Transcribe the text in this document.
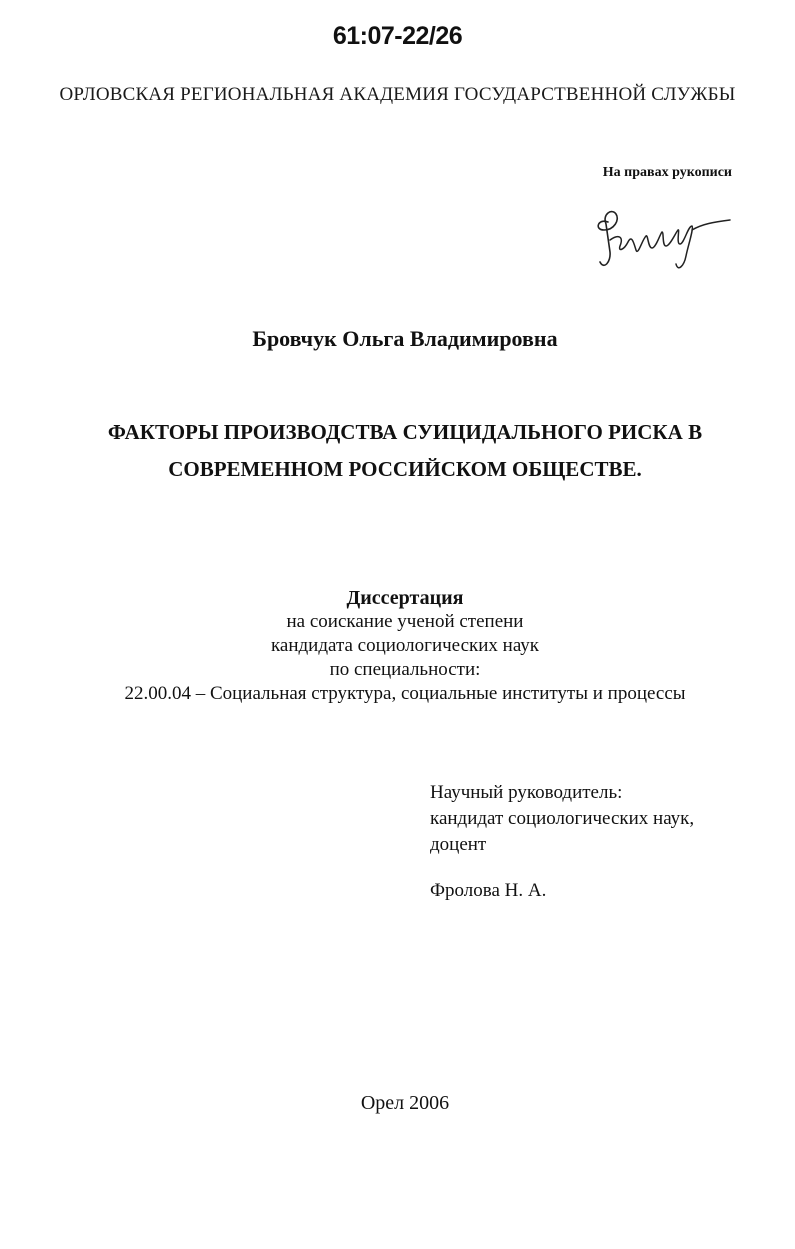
61:07-22/26
ОРЛОВСКАЯ РЕГИОНАЛЬНАЯ АКАДЕМИЯ ГОСУДАРСТВЕННОЙ СЛУЖБЫ
На правах рукописи
Бровчук Ольга Владимировна
ФАКТОРЫ ПРОИЗВОДСТВА СУИЦИДАЛЬНОГО РИСКА В
СОВРЕМЕННОМ РОССИЙСКОМ ОБЩЕСТВЕ.
Диссертация
на соискание ученой степени
кандидата социологических наук
по специальности:
22.00.04 – Социальная структура, социальные институты и процессы
Научный руководитель:
кандидат социологических наук,
доцент
Фролова Н. А.
Орел 2006
